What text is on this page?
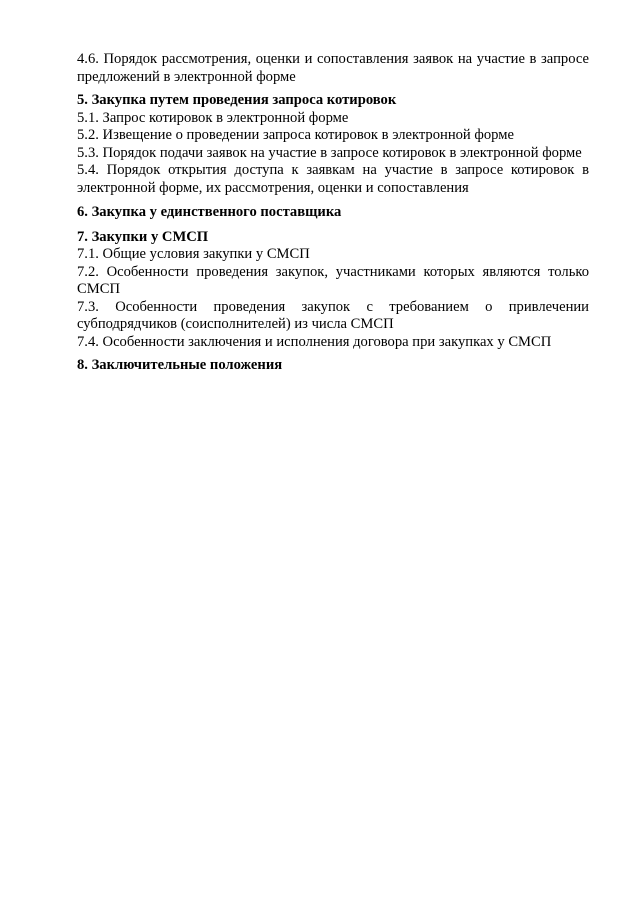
4.6. Порядок рассмотрения, оценки и сопоставления заявок на участие в запросе предложений в электронной форме

5. Закупка путем проведения запроса котировок

5.1. Запрос котировок в электронной форме

5.2. Извещение о проведении запроса котировок в электронной форме

5.3. Порядок подачи заявок на участие в запросе котировок в электронной форме

5.4. Порядок открытия доступа к заявкам на участие в запросе котировок в электронной форме, их рассмотрения, оценки и сопоставления

6. Закупка у единственного поставщика

7. Закупки у СМСП

7.1. Общие условия закупки у СМСП

7.2. Особенности проведения закупок, участниками которых являются только СМСП

7.3. Особенности проведения закупок с требованием о привлечении субподрядчиков (соисполнителей) из числа СМСП

7.4. Особенности заключения и исполнения договора при закупках у СМСП

8. Заключительные положения
